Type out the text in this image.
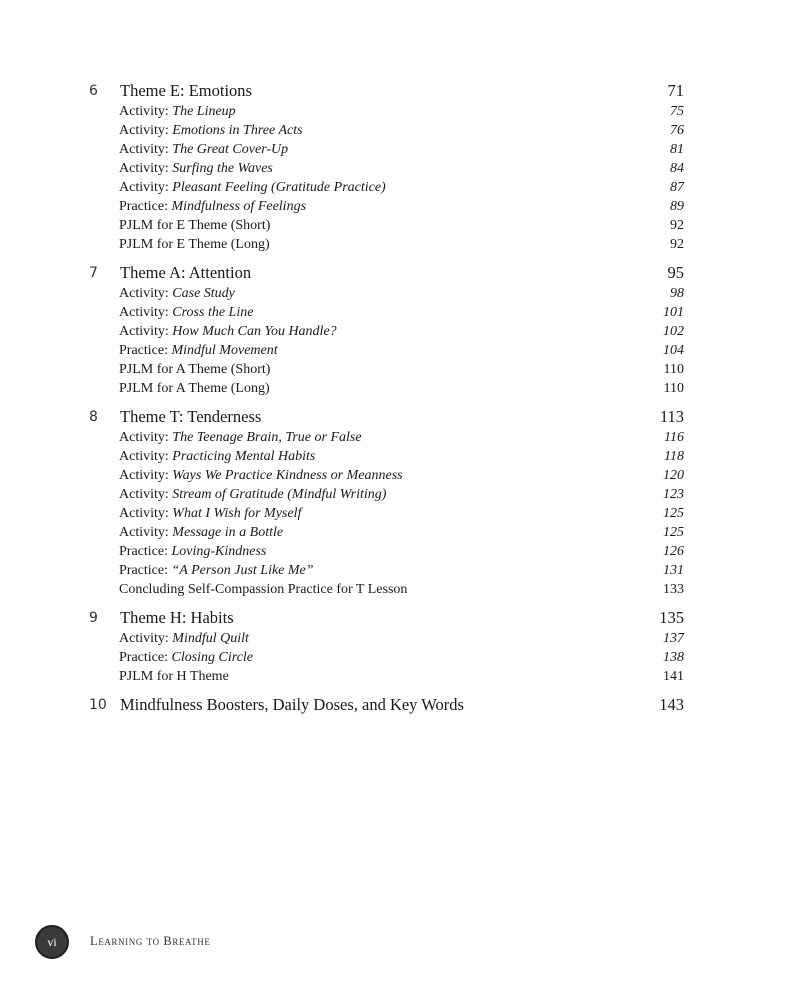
6 Theme E: Emotions	71
Activity: The Lineup	75
Activity: Emotions in Three Acts	76
Activity: The Great Cover-Up	81
Activity: Surfing the Waves	84
Activity: Pleasant Feeling (Gratitude Practice)	87
Practice: Mindfulness of Feelings	89
PJLM for E Theme (Short)	92
PJLM for E Theme (Long)	92
7 Theme A: Attention	95
Activity: Case Study	98
Activity: Cross the Line	101
Activity: How Much Can You Handle?	102
Practice: Mindful Movement	104
PJLM for A Theme (Short)	110
PJLM for A Theme (Long)	110
8 Theme T: Tenderness	113
Activity: The Teenage Brain, True or False	116
Activity: Practicing Mental Habits	118
Activity: Ways We Practice Kindness or Meanness	120
Activity: Stream of Gratitude (Mindful Writing)	123
Activity: What I Wish for Myself	125
Activity: Message in a Bottle	125
Practice: Loving-Kindness	126
Practice: “A Person Just Like Me”	131
Concluding Self-Compassion Practice for T Lesson	133
9 Theme H: Habits	135
Activity: Mindful Quilt	137
Practice: Closing Circle	138
PJLM for H Theme	141
10 Mindfulness Boosters, Daily Doses, and Key Words	143
vi	Learning to Breathe
